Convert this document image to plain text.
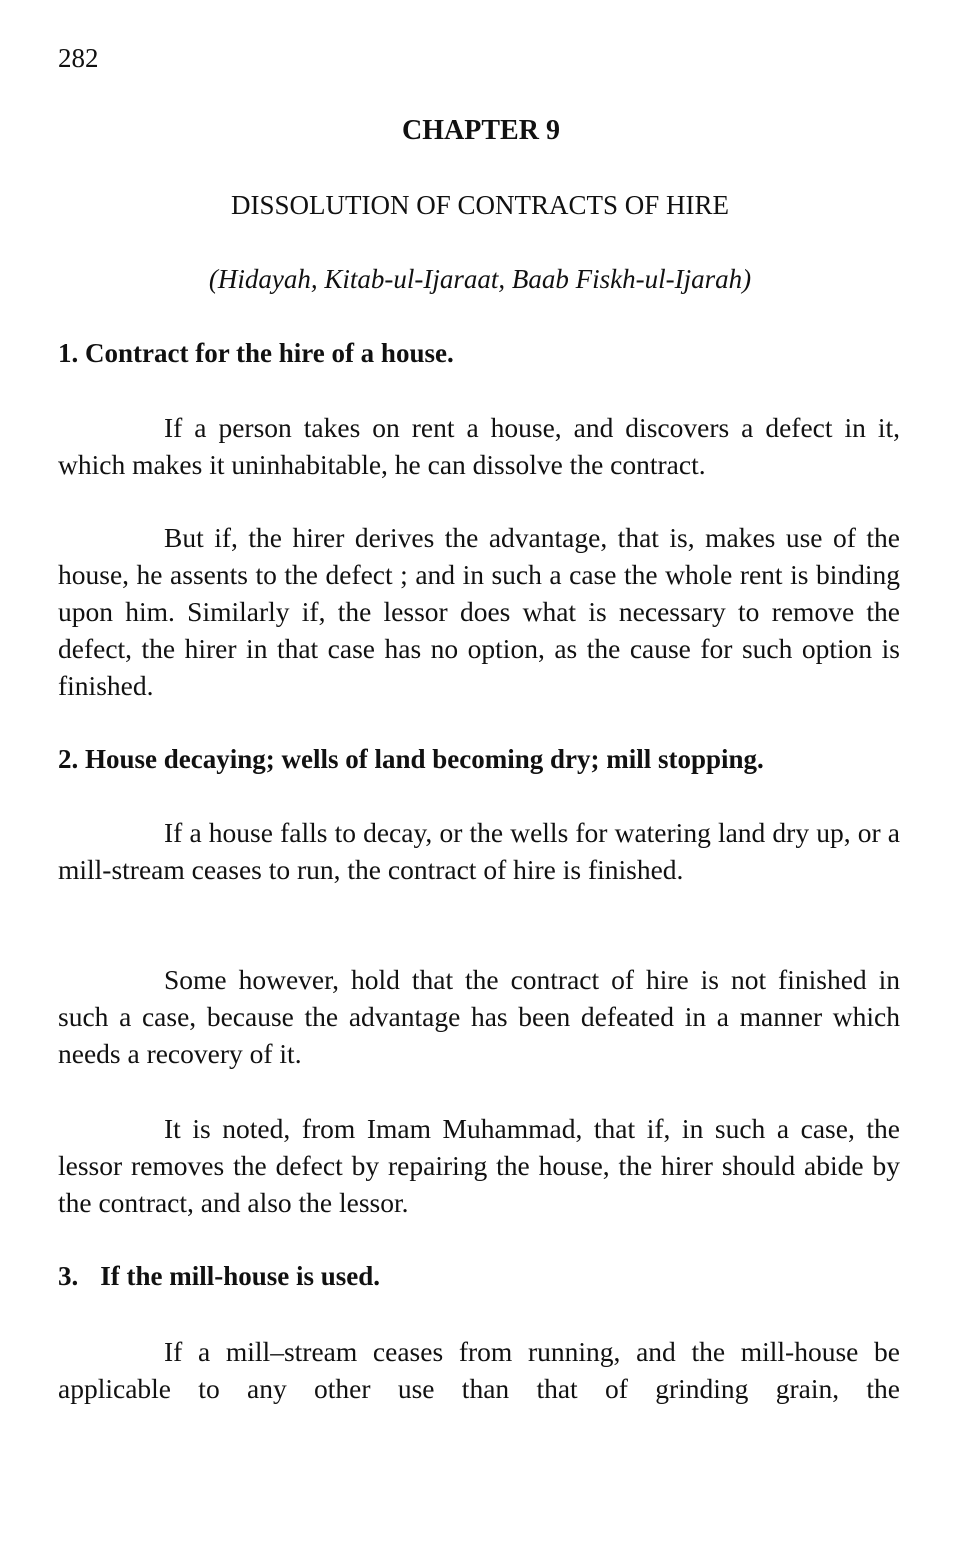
282
CHAPTER 9
DISSOLUTION OF CONTRACTS OF HIRE
(Hidayah, Kitab-ul-Ijaraat, Baab Fiskh-ul-Ijarah)
1. Contract for the hire of a house.

If a person takes on rent a house, and discovers a defect in it, which makes it uninhabitable, he can dissolve the contract.

But if, the hirer derives the advantage, that is, makes use of the house, he assents to the defect ; and in such a case the whole rent is binding upon him. Similarly if, the lessor does what is necessary to remove the defect, the hirer in that case has no option, as the cause for such option is finished.

2. House decaying; wells of land becoming dry; mill stopping.

If a house falls to decay, or the wells for watering land dry up, or a mill-stream ceases to run, the contract of hire is finished.

Some however, hold that the contract of hire is not finished in such a case, because the advantage has been defeated in a manner which needs a recovery of it.

It is noted, from Imam Muhammad, that if, in such a case, the lessor removes the defect by repairing the house, the hirer should abide by the contract, and also the lessor.

3. If the mill-house is used.

If a mill–stream ceases from running, and the mill-house be applicable to any other use than that of grinding grain, the
